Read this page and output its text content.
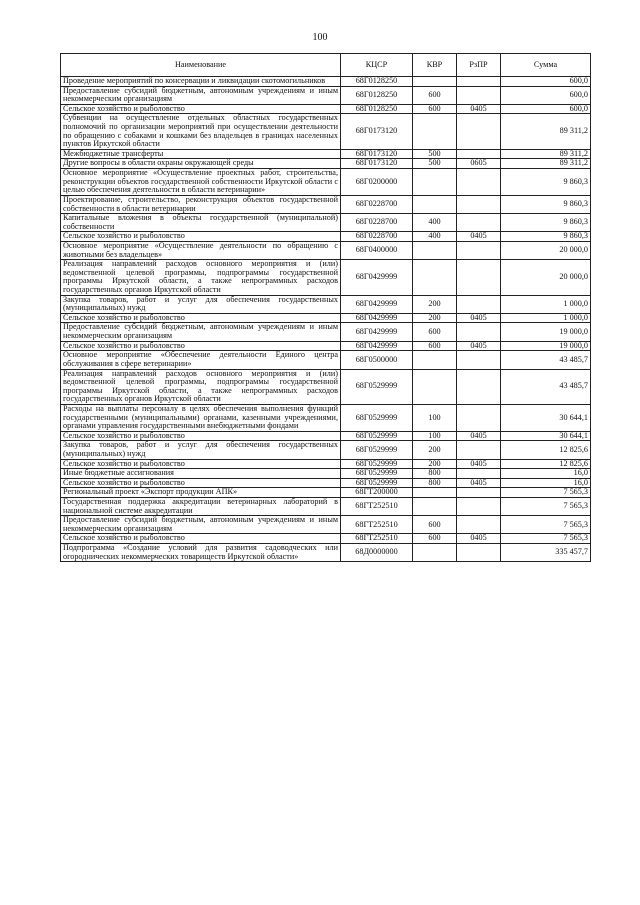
100
Наименование	КЦСР	КВР	РзПР	Сумма
Проведение мероприятий по консервации и ликвидации скотомогильников	68Г0128250			600,0
Предоставление субсидий бюджетным, автономным учреждениям и иным некоммерческим организациям	68Г0128250	600		600,0
Сельское хозяйство и рыболовство	68Г0128250	600	0405	600,0
Субвенции на осуществление отдельных областных государственных полномочий по организации мероприятий при осуществлении деятельности по обращению с собаками и кошками без владельцев в границах населенных пунктов Иркутской области	68Г0173120			89 311,2
Межбюджетные трансферты	68Г0173120	500		89 311,2
Другие вопросы в области охраны окружающей среды	68Г0173120	500	0605	89 311,2
Основное мероприятие «Осуществление проектных работ, строительства, реконструкции объектов государственной собственности Иркутской области с целью обеспечения деятельности в области ветеринарии»	68Г0200000			9 860,3
Проектирование, строительство, реконструкция объектов государственной собственности в области ветеринарии	68Г0228700			9 860,3
Капитальные вложения в объекты государственной (муниципальной) собственности	68Г0228700	400		9 860,3
Сельское хозяйство и рыболовство	68Г0228700	400	0405	9 860,3
Основное мероприятие «Осуществление деятельности по обращению с животными без владельцев»	68Г0400000			20 000,0
Реализация направлений расходов основного мероприятия и (или) ведомственной целевой программы, подпрограммы государственной программы Иркутской области, а также непрограммных расходов государственных органов Иркутской области	68Г0429999			20 000,0
Закупка товаров, работ и услуг для обеспечения государственных (муниципальных) нужд	68Г0429999	200		1 000,0
Сельское хозяйство и рыболовство	68Г0429999	200	0405	1 000,0
Предоставление субсидий бюджетным, автономным учреждениям и иным некоммерческим организациям	68Г0429999	600		19 000,0
Сельское хозяйство и рыболовство	68Г0429999	600	0405	19 000,0
Основное мероприятие «Обеспечение деятельности Единого центра обслуживания в сфере ветеринарии»	68Г0500000			43 485,7
Реализация направлений расходов основного мероприятия и (или) ведомственной целевой программы, подпрограммы государственной программы Иркутской области, а также непрограммных расходов государственных органов Иркутской области	68Г0529999			43 485,7
Расходы на выплаты персоналу в целях обеспечения выполнения функций государственными (муниципальными) органами, казенными учреждениями, органами управления государственными внебюджетными фондами	68Г0529999	100		30 644,1
Сельское хозяйство и рыболовство	68Г0529999	100	0405	30 644,1
Закупка товаров, работ и услуг для обеспечения государственных (муниципальных) нужд	68Г0529999	200		12 825,6
Сельское хозяйство и рыболовство	68Г0529999	200	0405	12 825,6
Иные бюджетные ассигнования	68Г0529999	800		16,0
Сельское хозяйство и рыболовство	68Г0529999	800	0405	16,0
Региональный проект «Экспорт продукции АПК»	68ГТ200000			7 565,3
Государственная поддержка аккредитации ветеринарных лабораторий в национальной системе аккредитации	68ГТ252510			7 565,3
Предоставление субсидий бюджетным, автономным учреждениям и иным некоммерческим организациям	68ГТ252510	600		7 565,3
Сельское хозяйство и рыболовство	68ГТ252510	600	0405	7 565,3
Подпрограмма «Создание условий для развития садоводческих или огороднических некоммерческих товариществ Иркутской области»	68Д0000000			335 457,7
